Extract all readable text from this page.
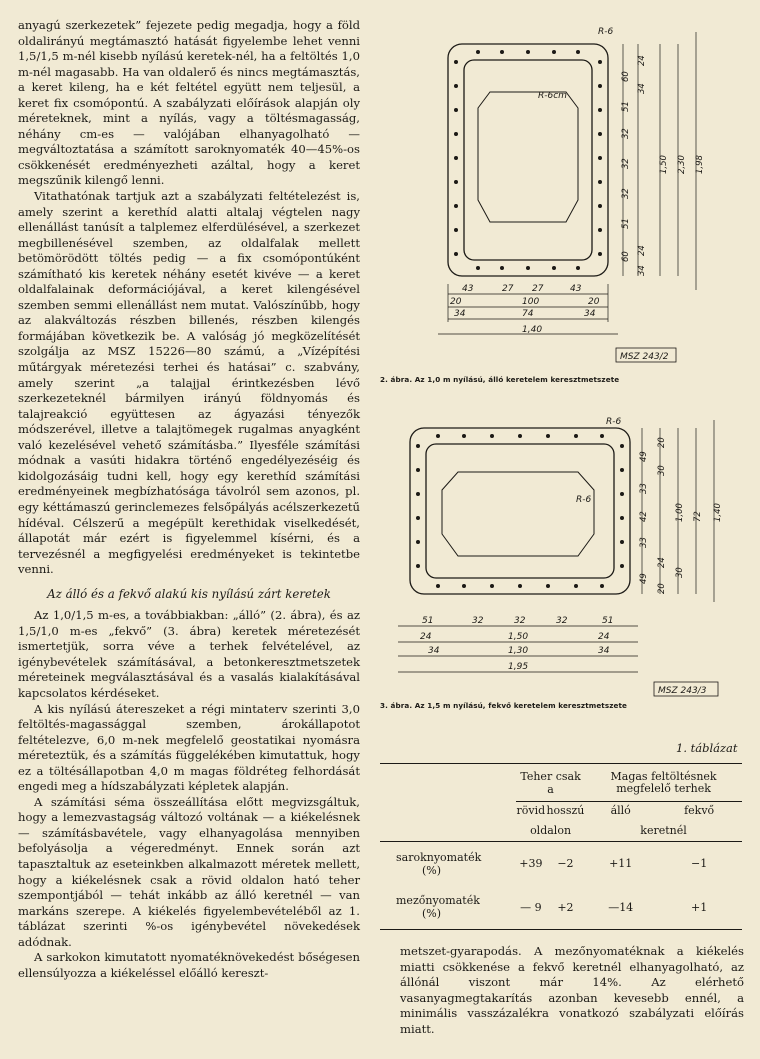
anyagú szerkezetek” fejezete pedig megadja, hogy a föld oldalirányú megtámasztó hatását figyelembe lehet venni 1,5/1,5 m-nél kisebb nyílású keretek-nél, ha a feltöltés 1,0 m-nél magasabb. Ha van oldalerő és nincs megtámasztás, a keret kileng, ha e két feltétel együtt nem teljesül, a keret fix csomópontú. A szabályzati előírások alapján oly méreteknek, mint a nyílás, vagy a töltésmagasság, néhány cm-es — valójában elhanyagolható — megváltoztatása a számított saroknyomaték 40—45%-os csökkenését eredményezheti azáltal, hogy a keret megszűnik kilengő lenni.

Vitathatónak tartjuk azt a szabályzati feltételezést is, amely szerint a kerethíd alatti altalaj végtelen nagy ellenállást tanúsít a talplemez elferdülésével, a szerkezet megbillenésével szemben, az oldalfalak mellett betömörödött töltés pedig — a fix csomópontúként számítható kis keretek néhány esetét kivéve — a keret oldalfalainak deformációjával, a keret kilengésével szemben semmi ellenállást nem mutat. Valószínűbb, hogy az alakváltozás részben billenés, részben kilengés formájában következik be. A valóság jó megközelítését szolgálja az MSZ 15226—80 számú, a „Vízépítési műtárgyak méretezési terhei és hatásai” c. szabvány, amely szerint „a talajjal érintkezésben lévő szerkezeteknél bármilyen irányú földnyomás és talajreakció együttesen az ágyazási tényezők módszerével, illetve a talajtömegek rugalmas anyagként való kezelésével vehető számításba.” Ilyesféle számítási módnak a vasúti hidakra történő engedélyezéséig és kidolgozásáig tudni kell, hogy egy kerethíd számítási eredményeinek megbízhatósága távolról sem azonos, pl. egy kéttámaszú gerinclemezes felsőpályás acélszerkezetű hídéval. Célszerű a megépült kerethidak viselkedését, állapotát már ezért is figyelemmel kísérni, és a tervezésnél a megfigyelési eredményeket is tekintetbe venni.

Az álló és a fekvő alakú kis nyílású zárt keretek

Az 1,0/1,5 m-es, a továbbiakban: „álló” (2. ábra), és az 1,5/1,0 m-es „fekvő” (3. ábra) keretek méretezését ismertetjük, sorra véve a terhek felvételével, az igénybevételek számításával, a betonkeresztmetszetek méreteinek megválasztásával és a vasalás kialakításával kapcsolatos kérdéseket.

A kis nyílású átereszeket a régi mintaterv szerinti 3,0 feltöltés-magassággal szemben, árokállapotot feltételezve, 6,0 m-nek megfelelő geostatikai nyomásra méreteztük, és a számítás függelékében kimutattuk, hogy ez a töltésállapotban 4,0 m magas földréteg felhordását engedi meg a hídszabályzati képletek alapján.

A számítási séma összeállítása előtt megvizsgáltuk, hogy a lemezvastagság változó voltának — a kiékelésnek — számításbavétele, vagy elhanyagolása mennyiben befolyásolja a végeredményt. Ennek során azt tapasztaltuk az eseteinkben alkalmazott méretek mellett, hogy a kiékelésnek csak a rövid oldalon ható teher szempontjából — tehát inkább az álló keretnél — van markáns szerepe. A kiékelés figyelembevételéből az 1. táblázat szerinti %-os igénybevétel növekedések adódnak.

A sarkokon kimutatott nyomatéknövekedést bőségesen ellensúlyozza a kiékeléssel előálló kereszt-

R-6
R-6cm
60
51
32
32
32
51
60
24
34
1,50 2,30 1,98
24
34
43	27 27	43
20	100	20
34	74	34
1,40
MSZ 243/2
2. ábra. Az 1,0 m nyílású, álló keretelem keresztmetszete
R-6
R-6
49
33
42
33
49
20
30
1,00 72 1,40
24
30
20
51	32	32	32	51
24	1,50	24
34	1,30	34
1,95
MSZ 243/3
3. ábra. Az 1,5 m nyílású, fekvő keretelem keresztmetszete
1. táblázat
	Teher csak a		Magas feltöltésnek megfelelő terhek	
	rövid	hosszú	álló	fekvő
	oldalon		keretnél	

saroknyomaték
(%)	+39	−2	+11	−1

mezőnyomaték
(%)	— 9	+2	—14	+1
metszet-gyarapodás. A mezőnyomatéknak a kiékelés miatti csökkenése a fekvő keretnél elhanyagolható, az állónál viszont már 14%. Az elérhető vasanyagmegtakarítás azonban kevesebb ennél, a minimális vasszázalékra vonatkozó szabályzati előírás miatt.
